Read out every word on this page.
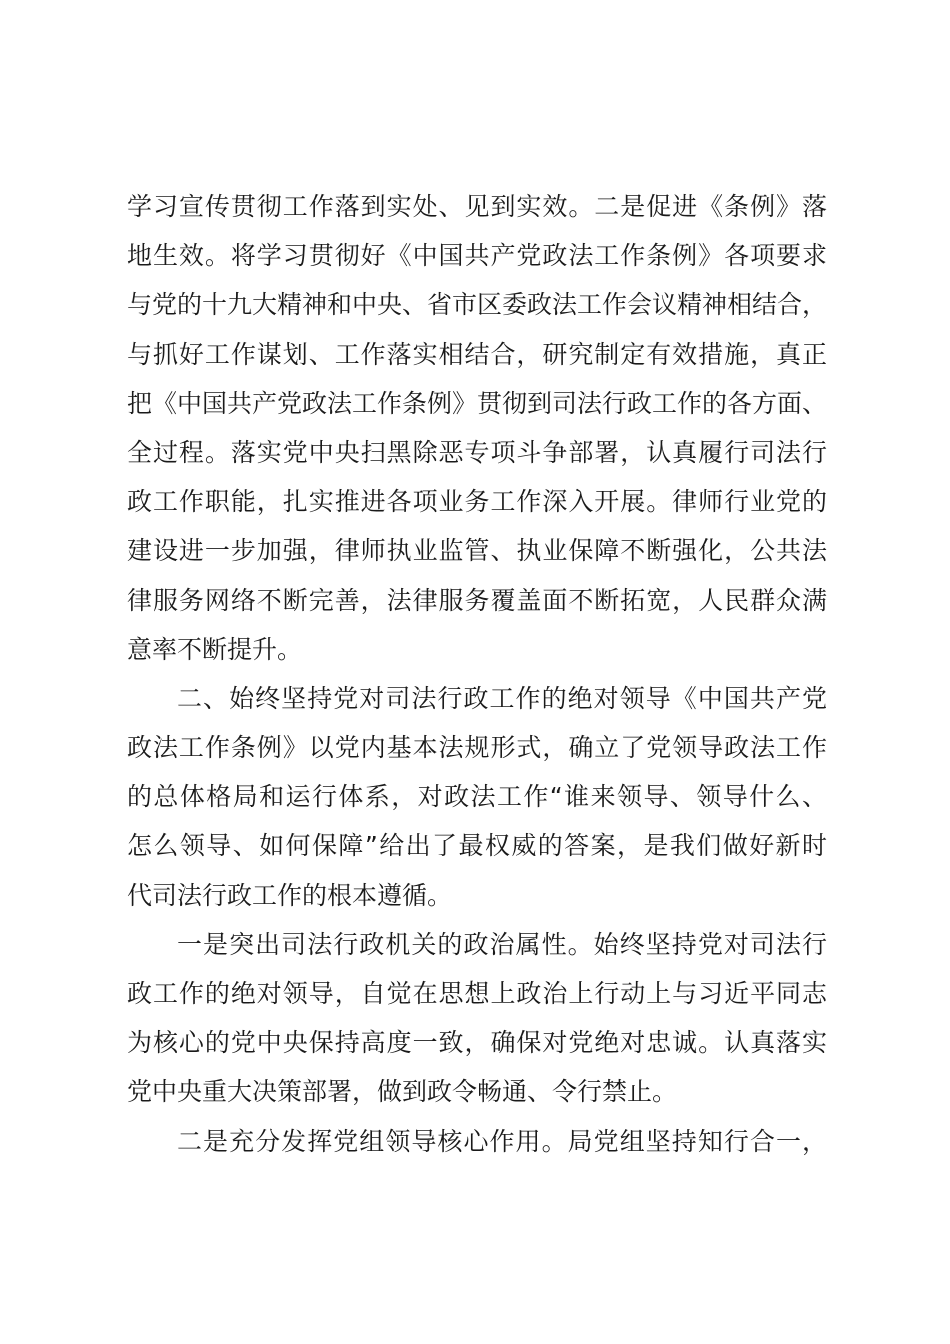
学习宣传贯彻工作落到实处、见到实效。二是促进《条例》落
地生效。将学习贯彻好《中国共产党政法工作条例》各项要求
与党的十九大精神和中央、省市区委政法工作会议精神相结合，
与抓好工作谋划、工作落实相结合，研究制定有效措施，真正
把《中国共产党政法工作条例》贯彻到司法行政工作的各方面、
全过程。落实党中央扫黑除恶专项斗争部署，认真履行司法行
政工作职能，扎实推进各项业务工作深入开展。律师行业党的
建设进一步加强，律师执业监管、执业保障不断强化，公共法
律服务网络不断完善，法律服务覆盖面不断拓宽，人民群众满
意率不断提升。
二、始终坚持党对司法行政工作的绝对领导《中国共产党
政法工作条例》以党内基本法规形式，确立了党领导政法工作
的总体格局和运行体系，对政法工作“谁来领导、领导什么、
怎么领导、如何保障”给出了最权威的答案，是我们做好新时
代司法行政工作的根本遵循。
一是突出司法行政机关的政治属性。始终坚持党对司法行
政工作的绝对领导，自觉在思想上政治上行动上与习近平同志
为核心的党中央保持高度一致，确保对党绝对忠诚。认真落实
党中央重大决策部署，做到政令畅通、令行禁止。
二是充分发挥党组领导核心作用。局党组坚持知行合一，
